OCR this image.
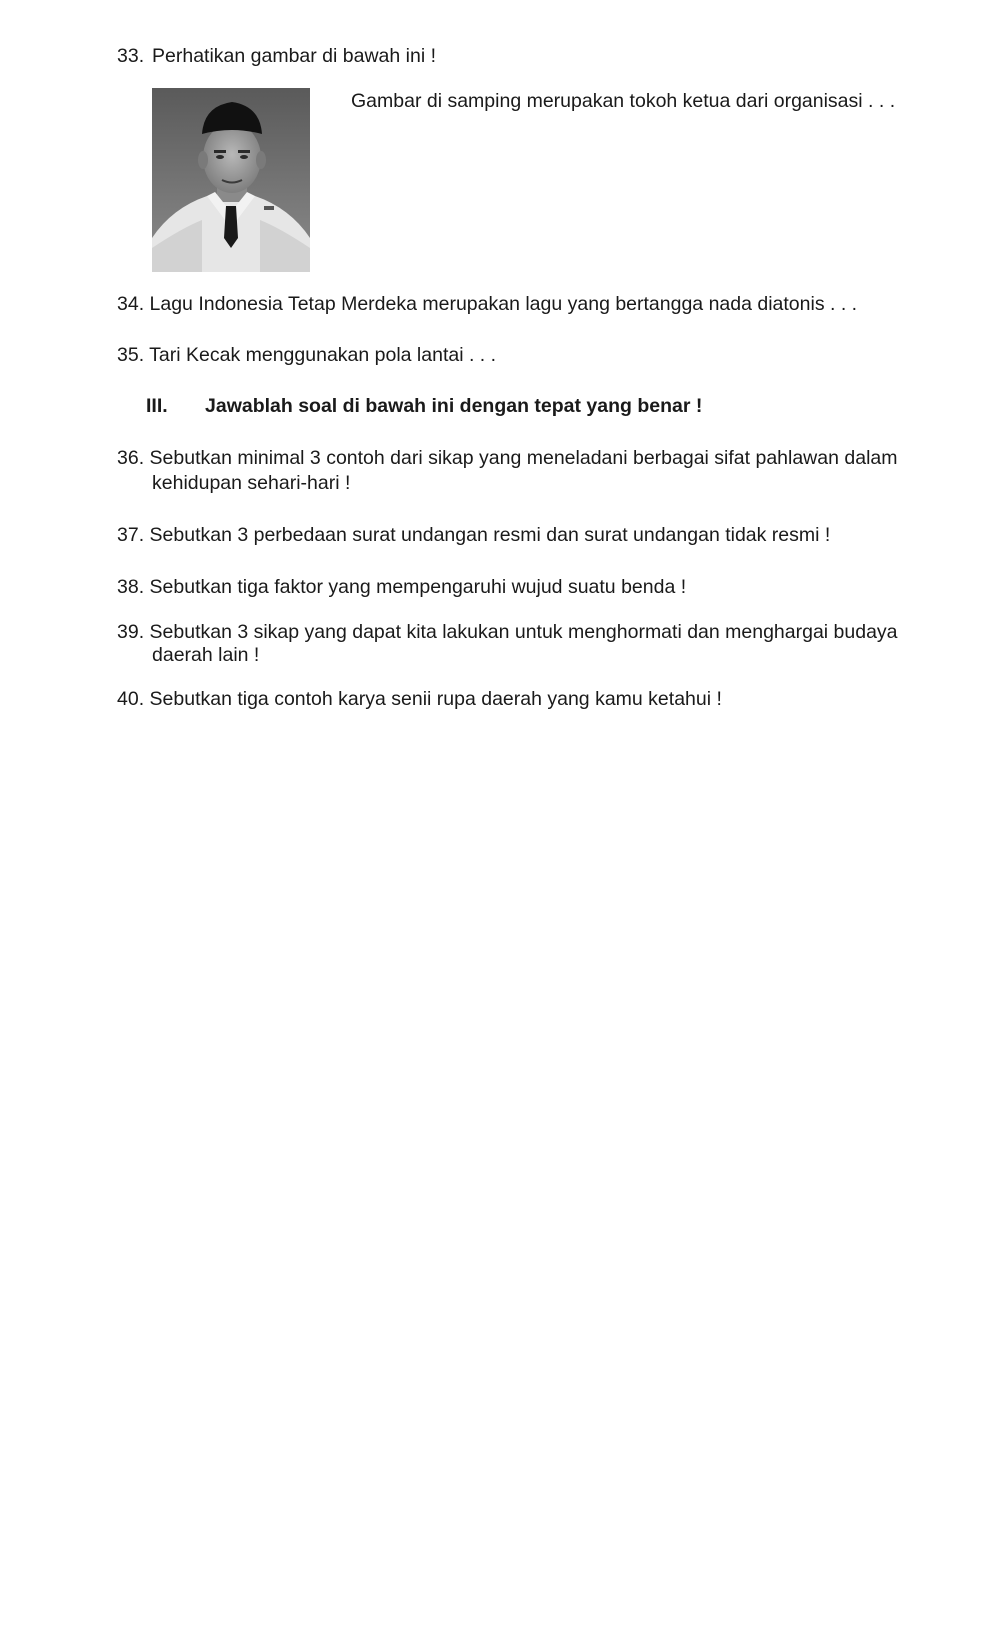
33. Perhatikan gambar di bawah ini !
Gambar di samping merupakan tokoh ketua dari organisasi . . .
34. Lagu Indonesia Tetap Merdeka merupakan lagu yang bertangga nada diatonis . . .
35. Tari Kecak menggunakan pola lantai . . .
III. Jawablah soal di bawah ini dengan tepat yang benar !
36. Sebutkan minimal 3 contoh dari sikap yang meneladani berbagai sifat pahlawan dalam
kehidupan sehari-hari !
37. Sebutkan 3 perbedaan surat undangan resmi dan surat undangan tidak resmi !
38. Sebutkan tiga faktor yang mempengaruhi wujud suatu benda !
39. Sebutkan 3 sikap yang dapat kita lakukan untuk menghormati dan menghargai budaya
daerah lain !
40. Sebutkan tiga contoh karya senii rupa daerah yang kamu ketahui !
